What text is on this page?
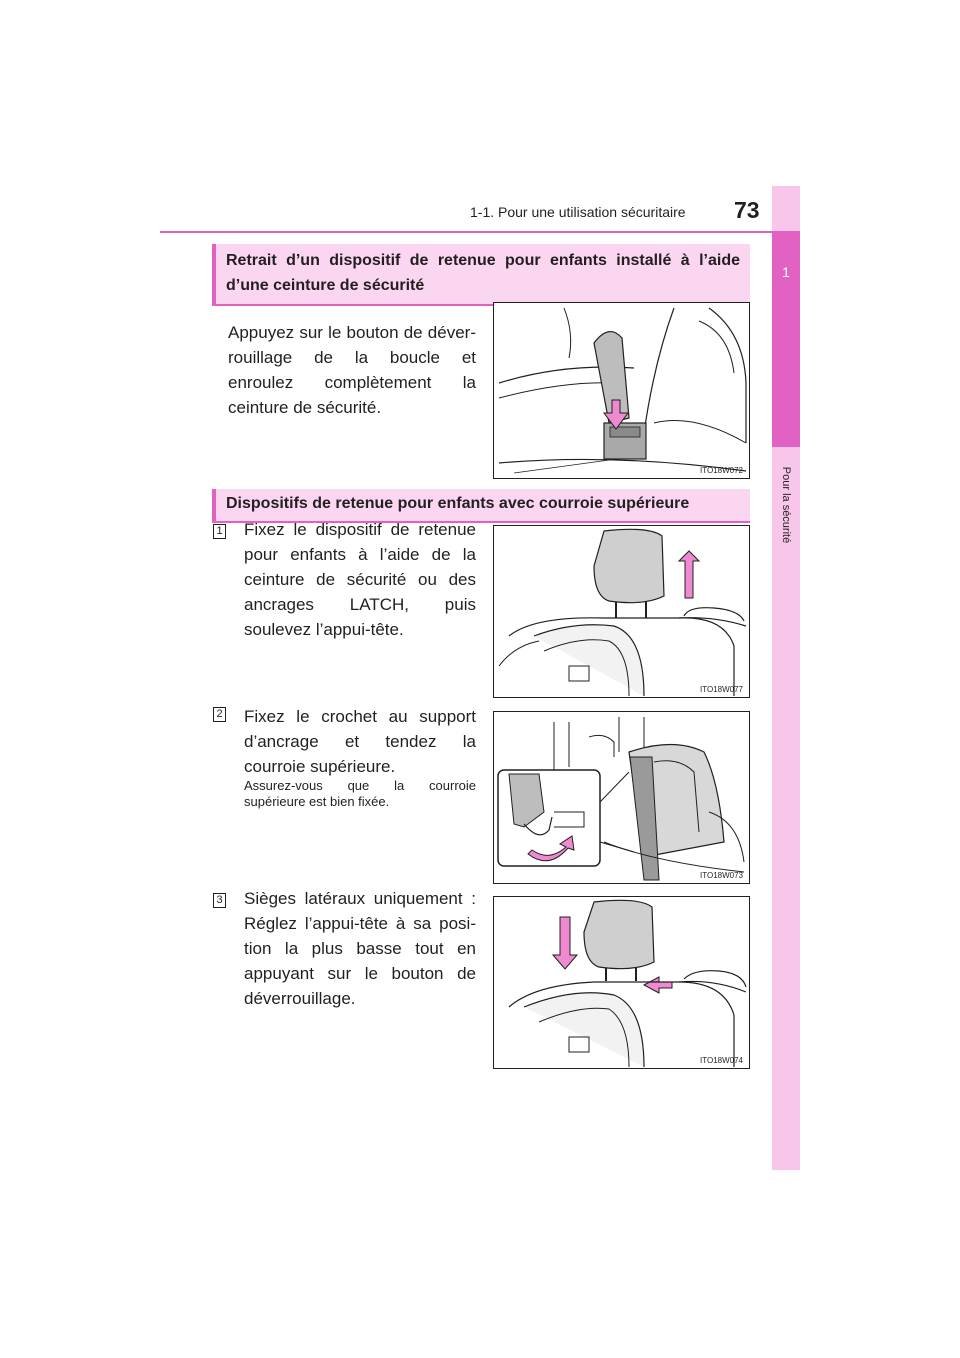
1
Pour la sécurité
1-1. Pour une utilisation sécuritaire 73
Retrait d’un dispositif de retenue pour enfants installé à l’aide d’une ceinture de sécurité
Appuyez sur le bouton de déverrouillage de la boucle et enroulez complètement la ceinture de sécurité.
ITO18W072
Dispositifs de retenue pour enfants avec courroie supérieure
1 Fixez le dispositif de retenue pour enfants à l’aide de la ceinture de sécurité ou des ancrages LATCH, puis soulevez l’appui-tête.
ITO18W077
2 Fixez le crochet au support d’ancrage et tendez la courroie supérieure.
Assurez-vous que la courroie supérieure est bien fixée.
ITO18W073
3 Sièges latéraux uniquement : Réglez l’appui-tête à sa position la plus basse tout en appuyant sur le bouton de déverrouillage.
ITO18W074
